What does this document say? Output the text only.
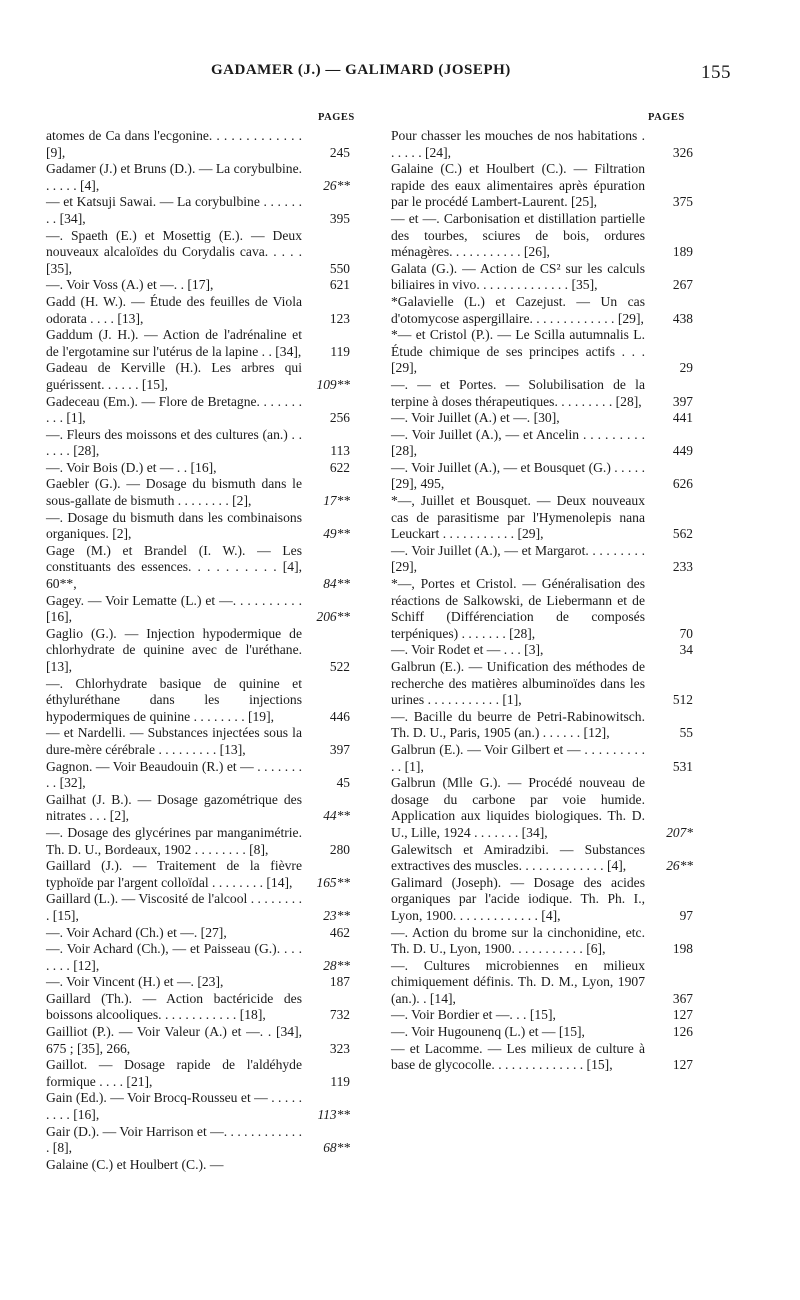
GADAMER (J.) — GALIMARD (JOSEPH)	155
PAGES	PAGES
atomes de Ca dans l'ecgonine. . . . . . . . . . . . . [9],	245
Gadamer (J.) et Bruns (D.). — La corybulbine. . . . . . [4],	26**
— et Katsuji Sawai. — La corybulbine . . . . . . . . [34],	395
—. Spaeth (E.) et Mosettig (E.). — Deux nouveaux alcaloïdes du Corydalis cava. . . . . [35],	550
—. Voir Voss (A.) et —. . [17],	621
Gadd (H. W.). — Étude des feuilles de Viola odorata . . . . [13],	123
Gaddum (J. H.). — Action de l'adrénaline et de l'ergotamine sur l'utérus de la lapine . . [34],	119
Gadeau de Kerville (H.). Les arbres qui guérissent. . . . . . [15],	109**
Gadeceau (Em.). — Flore de Bretagne. . . . . . . . . . [1],	256
—. Fleurs des moissons et des cultures (an.) . . . . . . [28],	113
—. Voir Bois (D.) et — . . [16],	622
Gaebler (G.). — Dosage du bismuth dans le sous-gallate de bismuth . . . . . . . . [2],	17**
—. Dosage du bismuth dans les combinaisons organiques. [2],	49**
Gage (M.) et Brandel (I. W.). — Les constituants des essences. . . . . . . . . . [4], 60**,	84**
Gagey. — Voir Lematte (L.) et —. . . . . . . . . . [16],	206**
Gaglio (G.). — Injection hypodermique de chlorhydrate de quinine avec de l'uréthane. [13],	522
—. Chlorhydrate basique de quinine et éthyluréthane dans les injections hypodermiques de quinine . . . . . . . . [19],	446
— et Nardelli. — Substances injectées sous la dure-mère cérébrale . . . . . . . . . [13],	397
Gagnon. — Voir Beaudouin (R.) et — . . . . . . . . . [32],	45
Gailhat (J. B.). — Dosage gazométrique des nitrates . . . [2],	44**
—. Dosage des glycérines par manganimétrie. Th. D. U., Bordeaux, 1902 . . . . . . . . [8],	280
Gaillard (J.). — Traitement de la fièvre typhoïde par l'argent colloïdal . . . . . . . . [14],	165**
Gaillard (L.). — Viscosité de l'alcool . . . . . . . . . [15],	23**
—. Voir Achard (Ch.) et —. [27],	462
—. Voir Achard (Ch.), — et Paisseau (G.). . . . . . . . [12],	28**
—. Voir Vincent (H.) et —. [23],	187
Gaillard (Th.). — Action bactéricide des boissons alcooliques. . . . . . . . . . . . [18],	732
Gailliot (P.). — Voir Valeur (A.) et —. . [34], 675 ; [35], 266,	323
Gaillot. — Dosage rapide de l'aldéhyde formique . . . . [21],	119
Gain (Ed.). — Voir Brocq-Rousseu et — . . . . . . . . . [16],	113**
Gair (D.). — Voir Harrison et —. . . . . . . . . . . . . [8],	68**
Galaine (C.) et Houlbert (C.). —
Pour chasser les mouches de nos habitations . . . . . . [24],	326
Galaine (C.) et Houlbert (C.). — Filtration rapide des eaux alimentaires après épuration par le procédé Lambert-Laurent. [25],	375
— et —. Carbonisation et distillation partielle des tourbes, sciures de bois, ordures ménagères. . . . . . . . . . . [26],	189
Galata (G.). — Action de CS² sur les calculs biliaires in vivo. . . . . . . . . . . . . . [35],	267
*Galavielle (L.) et Cazejust. — Un cas d'otomycose aspergillaire. . . . . . . . . . . . . [29],	438
*— et Cristol (P.). — Le Scilla autumnalis L. Étude chimique de ses principes actifs . . . [29],	29
—. — et Portes. — Solubilisation de la terpine à doses thérapeutiques. . . . . . . . . [28],	397
—. Voir Juillet (A.) et —. [30],	441
—. Voir Juillet (A.), — et Ancelin . . . . . . . . . [28],	449
—. Voir Juillet (A.), — et Bousquet (G.) . . . . . [29], 495,	626
*—, Juillet et Bousquet. — Deux nouveaux cas de parasitisme par l'Hymenolepis nana Leuckart . . . . . . . . . . . [29],	562
—. Voir Juillet (A.), — et Margarot. . . . . . . . . [29],	233
*—, Portes et Cristol. — Généralisation des réactions de Salkowski, de Liebermann et de Schiff (Différenciation de composés terpéniques) . . . . . . . [28],	70
—. Voir Rodet et — . . . [3],	34
Galbrun (E.). — Unification des méthodes de recherche des matières albuminoïdes dans les urines . . . . . . . . . . . [1],	512
—. Bacille du beurre de Petri-Rabinowitsch. Th. D. U., Paris, 1905 (an.) . . . . . . [12],	55
Galbrun (E.). — Voir Gilbert et — . . . . . . . . . . . [1],	531
Galbrun (Mlle G.). — Procédé nouveau de dosage du carbone par voie humide. Application aux liquides biologiques. Th. D. U., Lille, 1924 . . . . . . . [34],	207*
Galewitsch et Amiradzibi. — Substances extractives des muscles. . . . . . . . . . . . . [4],	26**
Galimard (Joseph). — Dosage des acides organiques par l'acide iodique. Th. Ph. I., Lyon, 1900. . . . . . . . . . . . . [4],	97
—. Action du brome sur la cinchonidine, etc. Th. D. U., Lyon, 1900. . . . . . . . . . . [6],	198
—. Cultures microbiennes en milieux chimiquement définis. Th. D. M., Lyon, 1907 (an.). . [14],	367
—. Voir Bordier et —. . . [15],	127
—. Voir Hugounenq (L.) et — [15],	126
— et Lacomme. — Les milieux de culture à base de glycocolle. . . . . . . . . . . . . . [15],	127
